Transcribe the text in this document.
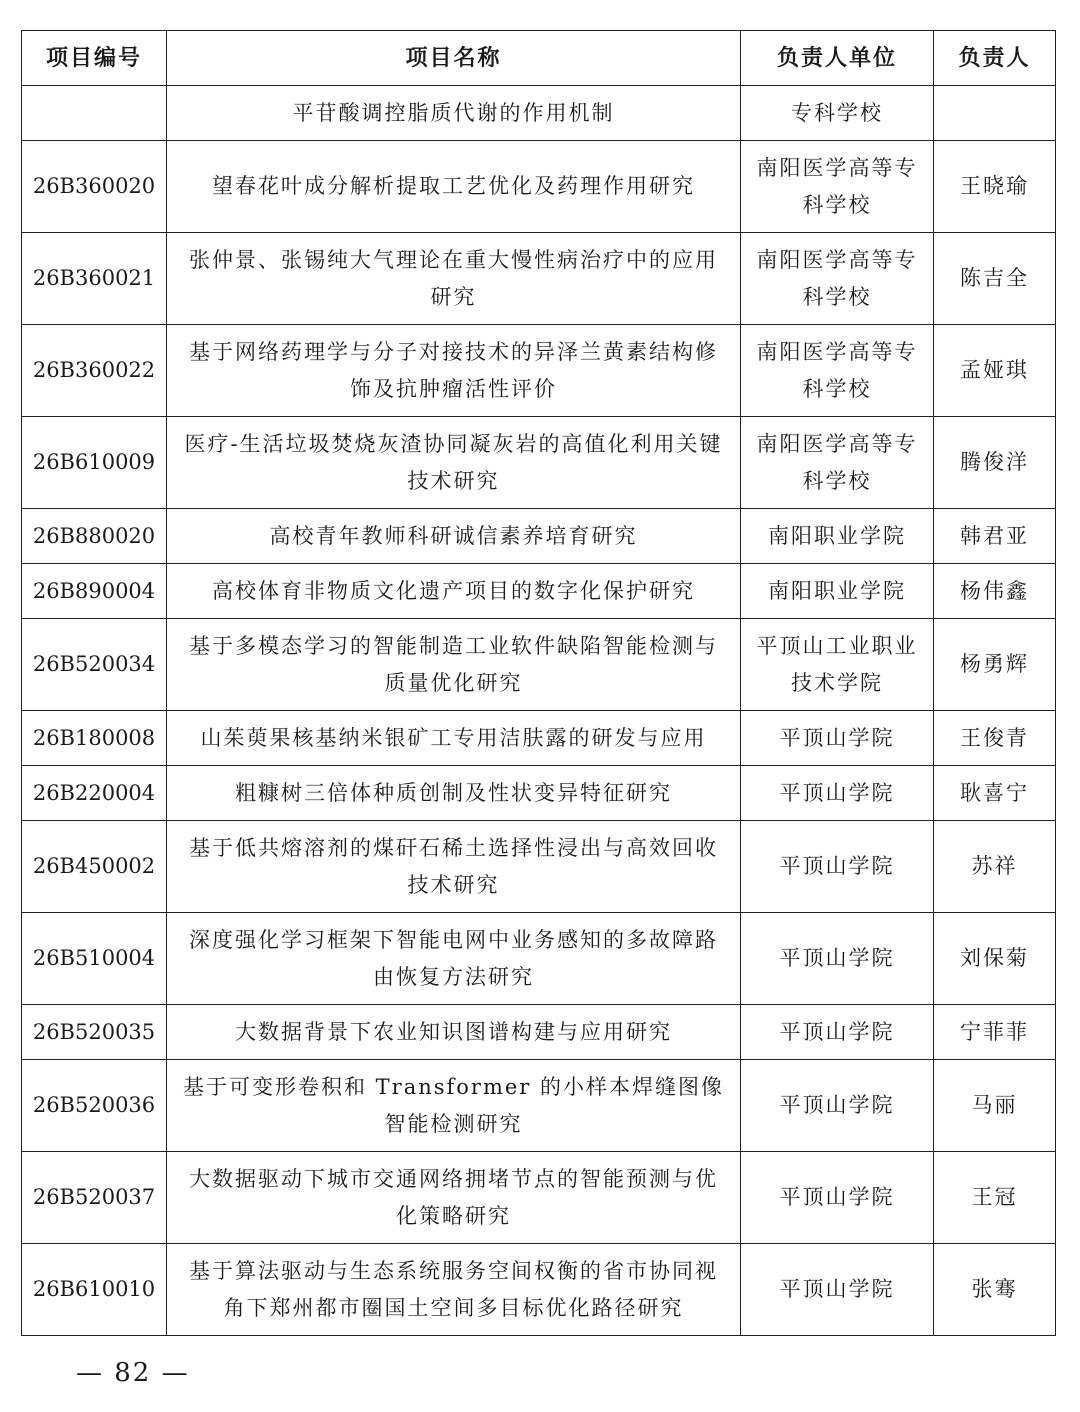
项目编号	项目名称	负责人单位	负责人
	平苷酸调控脂质代谢的作用机制	专科学校	
26B360020	望春花叶成分解析提取工艺优化及药理作用研究	南阳医学高等专科学校	王晓瑜
26B360021	张仲景、张锡纯大气理论在重大慢性病治疗中的应用研究	南阳医学高等专科学校	陈吉全
26B360022	基于网络药理学与分子对接技术的异泽兰黄素结构修饰及抗肿瘤活性评价	南阳医学高等专科学校	孟娅琪
26B610009	医疗-生活垃圾焚烧灰渣协同凝灰岩的高值化利用关键技术研究	南阳医学高等专科学校	腾俊洋
26B880020	高校青年教师科研诚信素养培育研究	南阳职业学院	韩君亚
26B890004	高校体育非物质文化遗产项目的数字化保护研究	南阳职业学院	杨伟鑫
26B520034	基于多模态学习的智能制造工业软件缺陷智能检测与质量优化研究	平顶山工业职业技术学院	杨勇辉
26B180008	山茱萸果核基纳米银矿工专用洁肤露的研发与应用	平顶山学院	王俊青
26B220004	粗糠树三倍体种质创制及性状变异特征研究	平顶山学院	耿喜宁
26B450002	基于低共熔溶剂的煤矸石稀土选择性浸出与高效回收技术研究	平顶山学院	苏祥
26B510004	深度强化学习框架下智能电网中业务感知的多故障路由恢复方法研究	平顶山学院	刘保菊
26B520035	大数据背景下农业知识图谱构建与应用研究	平顶山学院	宁菲菲
26B520036	基于可变形卷积和 Transformer 的小样本焊缝图像智能检测研究	平顶山学院	马丽
26B520037	大数据驱动下城市交通网络拥堵节点的智能预测与优化策略研究	平顶山学院	王冠
26B610010	基于算法驱动与生态系统服务空间权衡的省市协同视角下郑州都市圈国土空间多目标优化路径研究	平顶山学院	张骞
— 82 —
